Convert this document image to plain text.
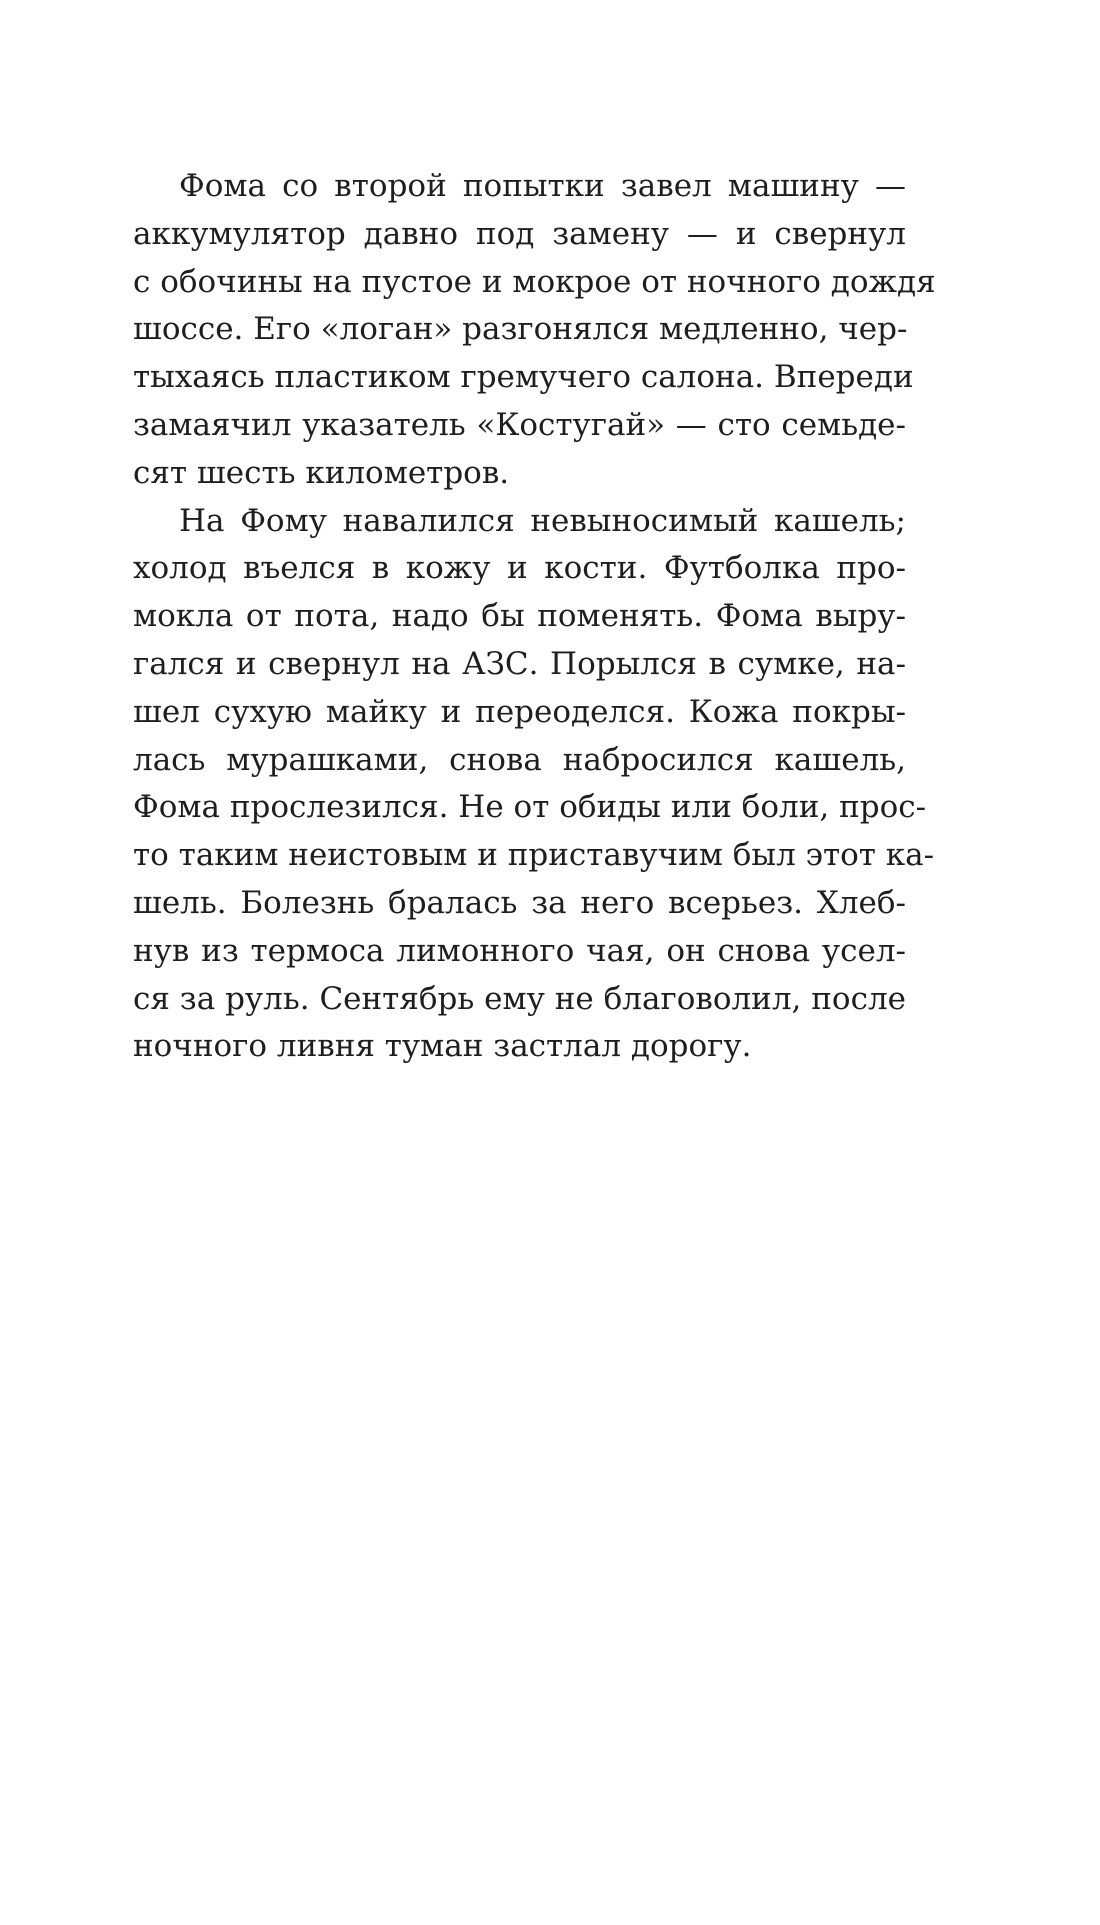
Фома со второй попытки завел машину —
аккумулятор давно под замену — и свернул
с обочины на пустое и мокрое от ночного дождя
шоссе. Его «логан» разгонялся медленно, чер-
тыхаясь пластиком гремучего салона. Впереди
замаячил указатель «Костугай» — сто семьде-
сят шесть километров.
На Фому навалился невыносимый кашель;
холод въелся в кожу и кости. Футболка про-
мокла от пота, надо бы поменять. Фома выру-
гался и свернул на АЗС. Порылся в сумке, на-
шел сухую майку и переоделся. Кожа покры-
лась мурашками, снова набросился кашель,
Фома прослезился. Не от обиды или боли, прос-
то таким неистовым и приставучим был этот ка-
шель. Болезнь бралась за него всерьез. Хлеб-
нув из термоса лимонного чая, он снова усел-
ся за руль. Сентябрь ему не благоволил, после
ночного ливня туман застлал дорогу.
